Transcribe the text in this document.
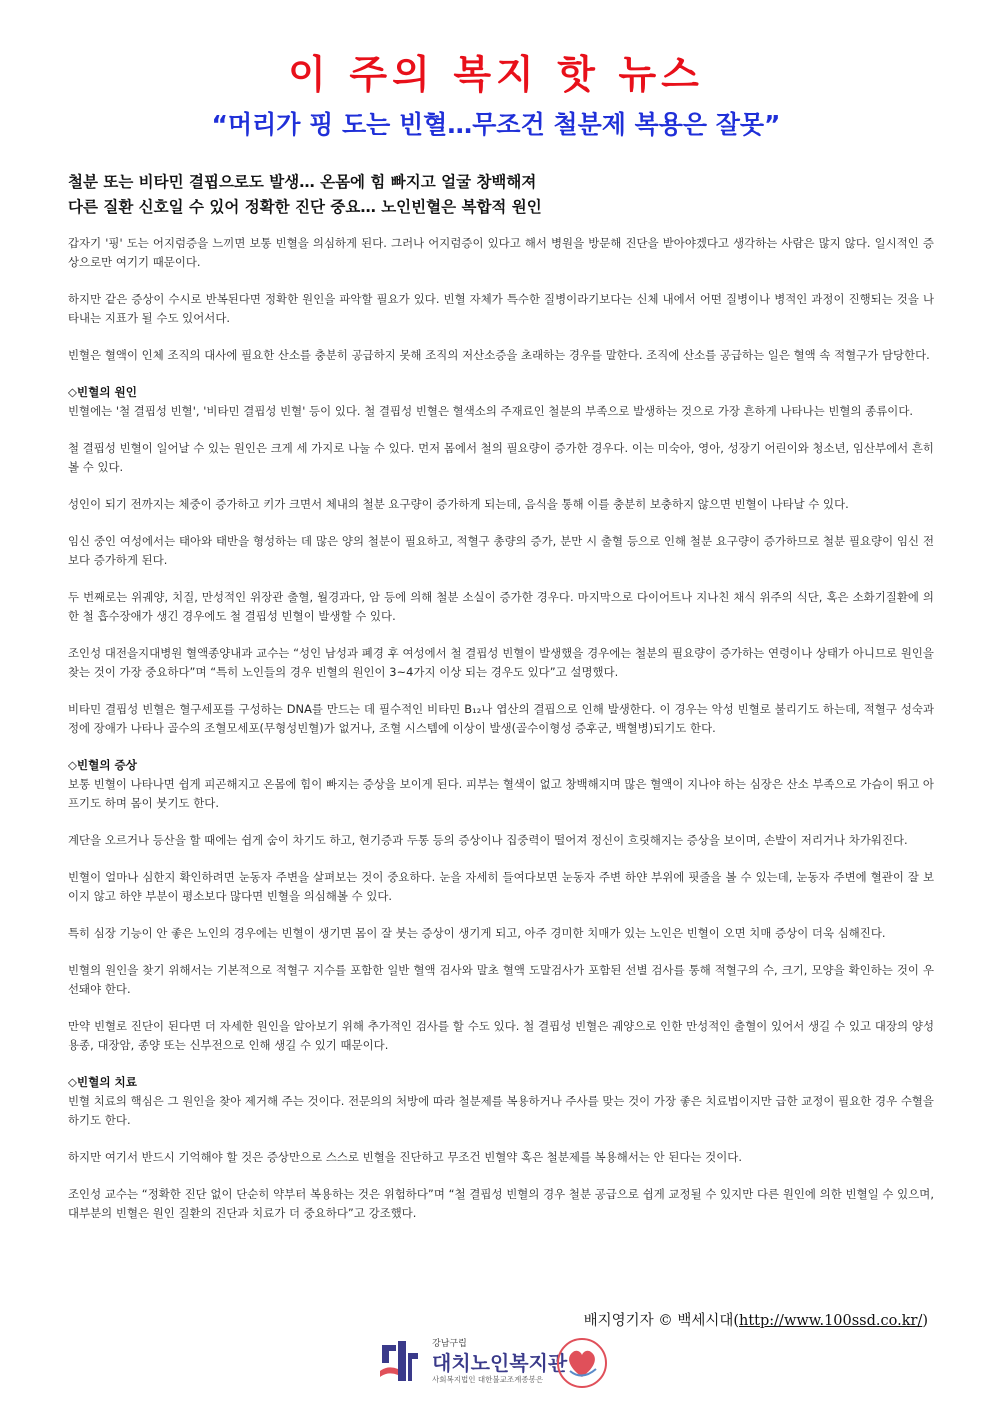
이 주의 복지 핫 뉴스
“머리가 핑 도는 빈혈…무조건 철분제 복용은 잘못”
철분 또는 비타민 결핍으로도 발생… 온몸에 힘 빠지고 얼굴 창백해져
다른 질환 신호일 수 있어 정확한 진단 중요… 노인빈혈은 복합적 원인

갑자기 '핑' 도는 어지럼증을 느끼면 보통 빈혈을 의심하게 된다. 그러나 어지럼증이 있다고 해서 병원을 방문해 진단을 받아야겠다고 생각하는 사람은 많지 않다. 일시적인 증상으로만 여기기 때문이다.

하지만 같은 증상이 수시로 반복된다면 정확한 원인을 파악할 필요가 있다. 빈혈 자체가 특수한 질병이라기보다는 신체 내에서 어떤 질병이나 병적인 과정이 진행되는 것을 나타내는 지표가 될 수도 있어서다.

빈혈은 혈액이 인체 조직의 대사에 필요한 산소를 충분히 공급하지 못해 조직의 저산소증을 초래하는 경우를 말한다. 조직에 산소를 공급하는 일은 혈액 속 적혈구가 담당한다.

◇빈혈의 원인

빈혈에는 '철 결핍성 빈혈', '비타민 결핍성 빈혈' 등이 있다. 철 결핍성 빈혈은 혈색소의 주재료인 철분의 부족으로 발생하는 것으로 가장 흔하게 나타나는 빈혈의 종류이다.

철 결핍성 빈혈이 일어날 수 있는 원인은 크게 세 가지로 나눌 수 있다. 먼저 몸에서 철의 필요량이 증가한 경우다. 이는 미숙아, 영아, 성장기 어린이와 청소년, 임산부에서 흔히 볼 수 있다.

성인이 되기 전까지는 체중이 증가하고 키가 크면서 체내의 철분 요구량이 증가하게 되는데, 음식을 통해 이를 충분히 보충하지 않으면 빈혈이 나타날 수 있다.

임신 중인 여성에서는 태아와 태반을 형성하는 데 많은 양의 철분이 필요하고, 적혈구 총량의 증가, 분만 시 출혈 등으로 인해 철분 요구량이 증가하므로 철분 필요량이 임신 전보다 증가하게 된다.

두 번째로는 위궤양, 치질, 만성적인 위장관 출혈, 월경과다, 암 등에 의해 철분 소실이 증가한 경우다. 마지막으로 다이어트나 지나친 채식 위주의 식단, 혹은 소화기질환에 의한 철 흡수장애가 생긴 경우에도 철 결핍성 빈혈이 발생할 수 있다.

조인성 대전을지대병원 혈액종양내과 교수는 “성인 남성과 폐경 후 여성에서 철 결핍성 빈혈이 발생했을 경우에는 철분의 필요량이 증가하는 연령이나 상태가 아니므로 원인을 찾는 것이 가장 중요하다”며 “특히 노인들의 경우 빈혈의 원인이 3~4가지 이상 되는 경우도 있다”고 설명했다.

비타민 결핍성 빈혈은 혈구세포를 구성하는 DNA를 만드는 데 필수적인 비타민 B₁₂나 엽산의 결핍으로 인해 발생한다. 이 경우는 악성 빈혈로 불리기도 하는데, 적혈구 성숙과정에 장애가 나타나 골수의 조혈모세포(무형성빈혈)가 없거나, 조혈 시스템에 이상이 발생(골수이형성 증후군, 백혈병)되기도 한다.

◇빈혈의 증상

보통 빈혈이 나타나면 쉽게 피곤해지고 온몸에 힘이 빠지는 증상을 보이게 된다. 피부는 혈색이 없고 창백해지며 많은 혈액이 지나야 하는 심장은 산소 부족으로 가슴이 뛰고 아프기도 하며 몸이 붓기도 한다.

계단을 오르거나 등산을 할 때에는 쉽게 숨이 차기도 하고, 현기증과 두통 등의 증상이나 집중력이 떨어져 정신이 흐릿해지는 증상을 보이며, 손발이 저리거나 차가워진다.

빈혈이 얼마나 심한지 확인하려면 눈동자 주변을 살펴보는 것이 중요하다. 눈을 자세히 들여다보면 눈동자 주변 하얀 부위에 핏줄을 볼 수 있는데, 눈동자 주변에 혈관이 잘 보이지 않고 하얀 부분이 평소보다 많다면 빈혈을 의심해볼 수 있다.

특히 심장 기능이 안 좋은 노인의 경우에는 빈혈이 생기면 몸이 잘 붓는 증상이 생기게 되고, 아주 경미한 치매가 있는 노인은 빈혈이 오면 치매 증상이 더욱 심해진다.

빈혈의 원인을 찾기 위해서는 기본적으로 적혈구 지수를 포함한 일반 혈액 검사와 말초 혈액 도말검사가 포함된 선별 검사를 통해 적혈구의 수, 크기, 모양을 확인하는 것이 우선돼야 한다.

만약 빈혈로 진단이 된다면 더 자세한 원인을 알아보기 위해 추가적인 검사를 할 수도 있다. 철 결핍성 빈혈은 궤양으로 인한 만성적인 출혈이 있어서 생길 수 있고 대장의 양성 용종, 대장암, 종양 또는 신부전으로 인해 생길 수 있기 때문이다.

◇빈혈의 치료

빈혈 치료의 핵심은 그 원인을 찾아 제거해 주는 것이다. 전문의의 처방에 따라 철분제를 복용하거나 주사를 맞는 것이 가장 좋은 치료법이지만 급한 교정이 필요한 경우 수혈을 하기도 한다.

하지만 여기서 반드시 기억해야 할 것은 증상만으로 스스로 빈혈을 진단하고 무조건 빈혈약 혹은 철분제를 복용해서는 안 된다는 것이다.

조인성 교수는 “정확한 진단 없이 단순히 약부터 복용하는 것은 위험하다”며 “철 결핍성 빈혈의 경우 철분 공급으로 쉽게 교정될 수 있지만 다른 원인에 의한 빈혈일 수 있으며, 대부분의 빈혈은 원인 질환의 진단과 치료가 더 중요하다”고 강조했다.

배지영기자 © 백세시대(http://www.100ssd.co.kr/)
강남구립
대치노인복지관
사회복지법인 대한불교조계종봉은
